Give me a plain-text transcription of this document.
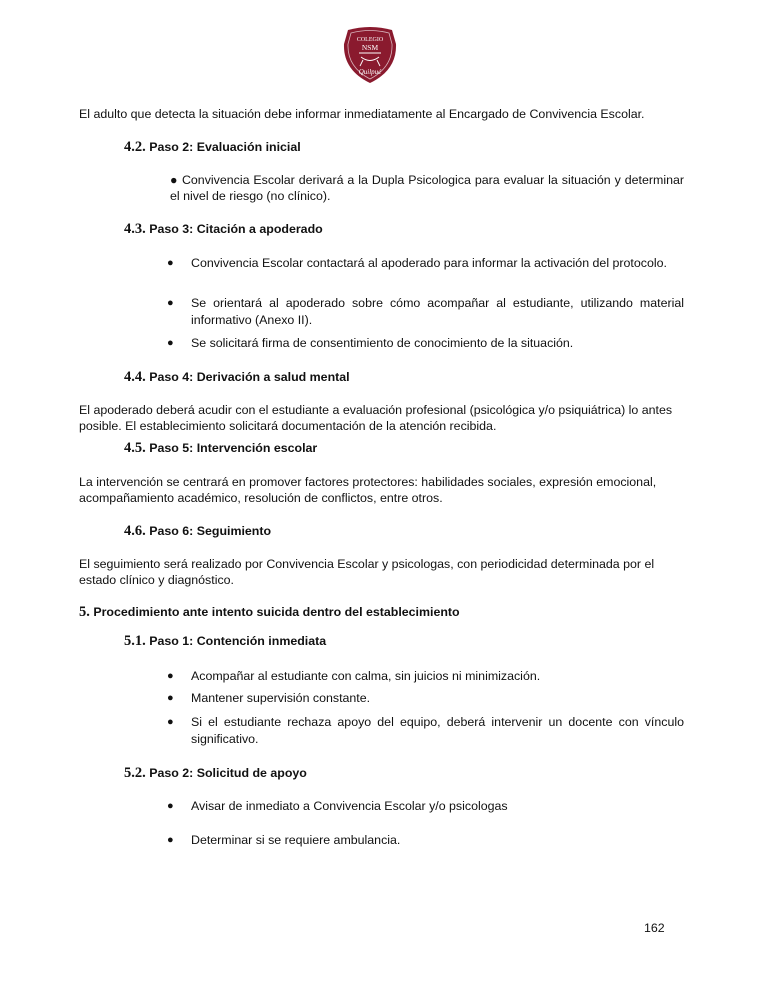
COLEGIO
NSM
Quilpué

El adulto que detecta la situación debe informar inmediatamente al Encargado de Convivencia Escolar.

4.2. Paso 2: Evaluación inicial

● Convivencia Escolar derivará a la Dupla Psicologica para evaluar la situación y determinar el nivel de riesgo (no clínico).

4.3. Paso 3: Citación a apoderado

● Convivencia Escolar contactará al apoderado para informar la activación del protocolo.

● Se orientará al apoderado sobre cómo acompañar al estudiante, utilizando material informativo (Anexo II).

● Se solicitará firma de consentimiento de conocimiento de la situación.

4.4. Paso 4: Derivación a salud mental

El apoderado deberá acudir con el estudiante a evaluación profesional (psicológica y/o psiquiátrica) lo antes posible. El establecimiento solicitará documentación de la atención recibida.

4.5. Paso 5: Intervención escolar

La intervención se centrará en promover factores protectores: habilidades sociales, expresión emocional, acompañamiento académico, resolución de conflictos, entre otros.

4.6. Paso 6: Seguimiento

El seguimiento será realizado por Convivencia Escolar y psicologas, con periodicidad determinada por el estado clínico y diagnóstico.

5. Procedimiento ante intento suicida dentro del establecimiento

5.1. Paso 1: Contención inmediata

● Acompañar al estudiante con calma, sin juicios ni minimización.

● Mantener supervisión constante.

● Si el estudiante rechaza apoyo del equipo, deberá intervenir un docente con vínculo significativo.

5.2. Paso 2: Solicitud de apoyo

● Avisar de inmediato a Convivencia Escolar y/o psicologas

● Determinar si se requiere ambulancia.

162
